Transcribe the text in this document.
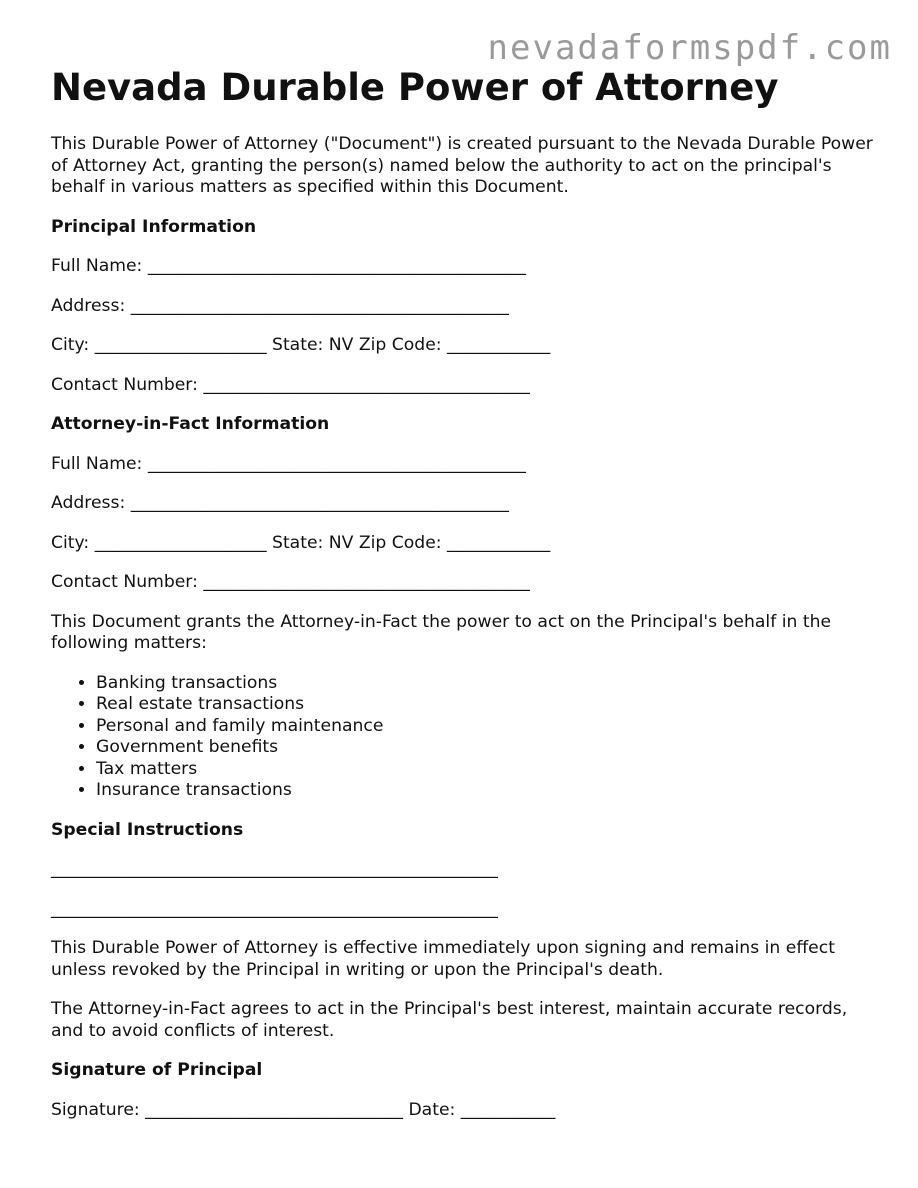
nevadaformspdf.com
Nevada Durable Power of Attorney

This Durable Power of Attorney ("Document") is created pursuant to the Nevada Durable Power of Attorney Act, granting the person(s) named below the authority to act on the principal's behalf in various matters as specified within this Document.

Principal Information
Full Name: ____________________________________________
Address: ____________________________________________
City: ____________________ State: NV Zip Code: ____________
Contact Number: ______________________________________
Attorney-in-Fact Information
Full Name: ____________________________________________
Address: ____________________________________________
City: ____________________ State: NV Zip Code: ____________
Contact Number: ______________________________________

This Document grants the Attorney-in-Fact the power to act on the Principal's behalf in the following matters:

• Banking transactions
• Real estate transactions
• Personal and family maintenance
• Government benefits
• Tax matters
• Insurance transactions
Special Instructions
____________________________________________________
____________________________________________________

This Durable Power of Attorney is effective immediately upon signing and remains in effect unless revoked by the Principal in writing or upon the Principal's death.

The Attorney-in-Fact agrees to act in the Principal's best interest, maintain accurate records, and to avoid conflicts of interest.

Signature of Principal
Signature: ______________________________ Date: ___________
